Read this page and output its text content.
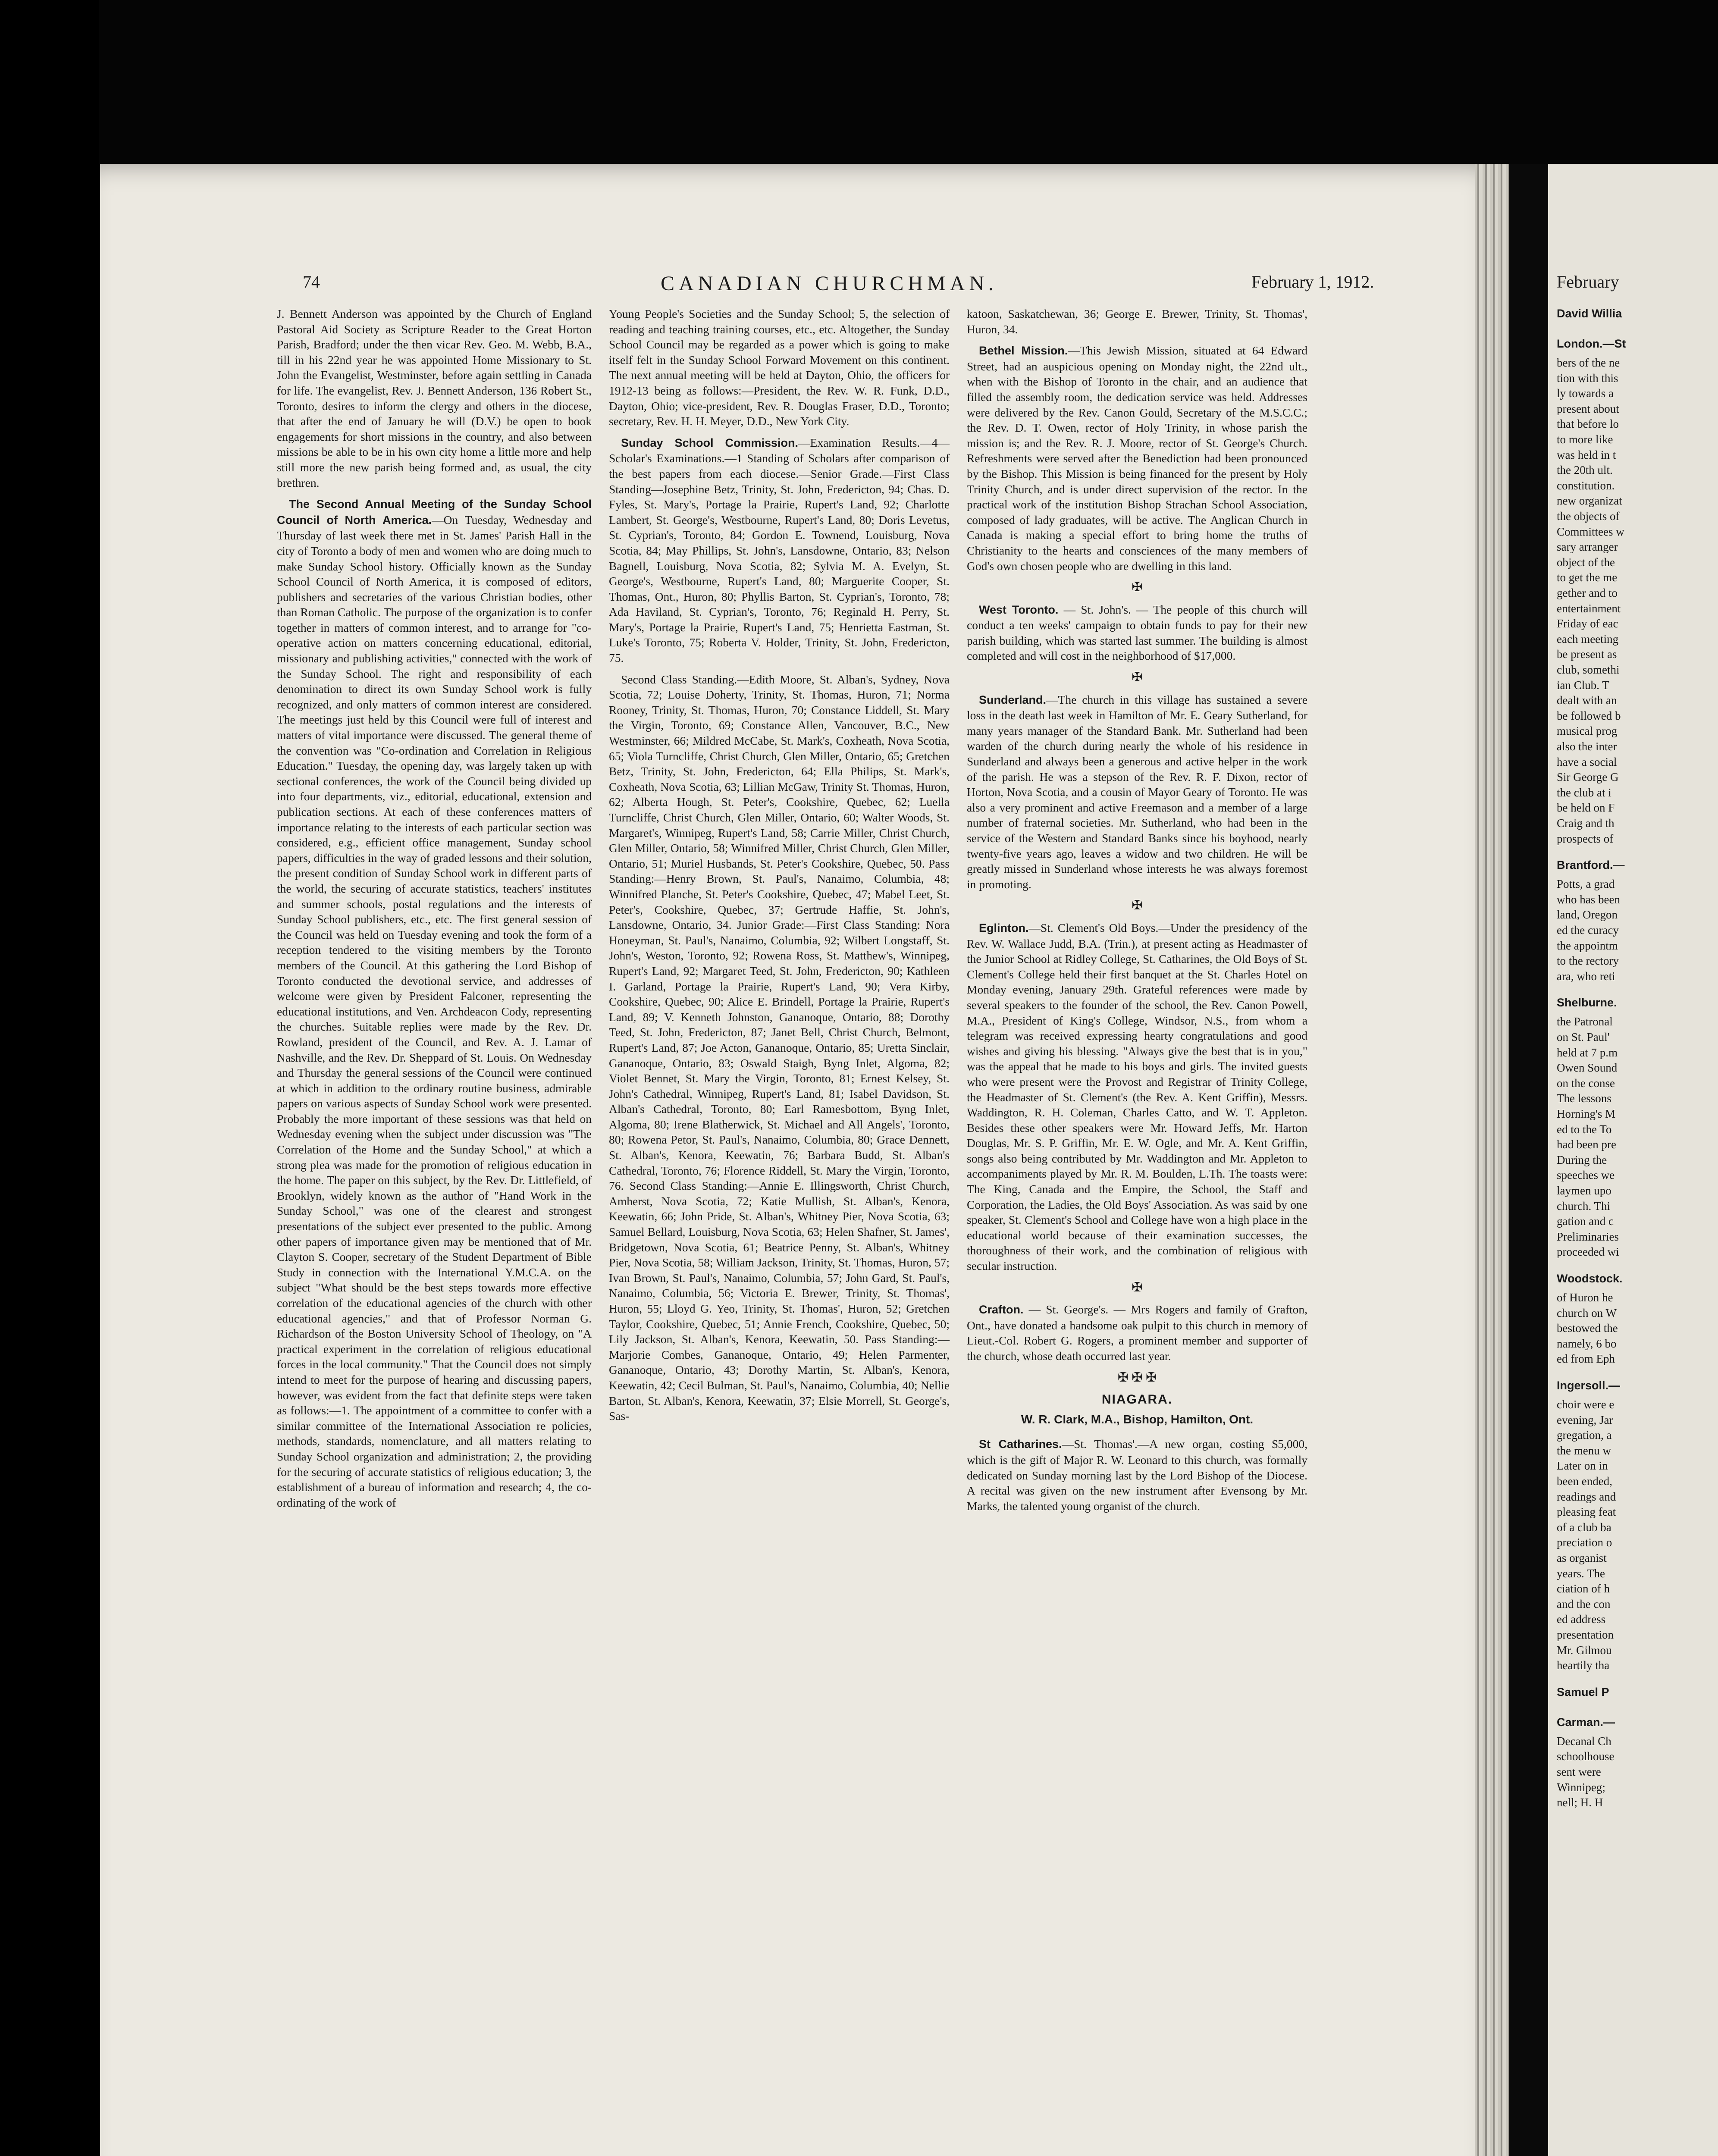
74	CANADIAN CHURCHMAN.	February 1, 1912.

J. Bennett Anderson was appointed by the Church of England Pastoral Aid Society as Scripture Reader to the Great Horton Parish, Bradford; under the then vicar Rev. Geo. M. Webb, B.A., till in his 22nd year he was appointed Home Missionary to St. John the Evangelist, Westminster, before again settling in Canada for life. The evangelist, Rev. J. Bennett Anderson, 136 Robert St., Toronto, desires to inform the clergy and others in the diocese, that after the end of January he will (D.V.) be open to book engagements for short missions in the country, and also between missions be able to be in his own city home a little more and help still more the new parish being formed and, as usual, the city brethren.

The Second Annual Meeting of the Sunday School Council of North America.—On Tuesday, Wednesday and Thursday of last week there met in St. James' Parish Hall in the city of Toronto a body of men and women who are doing much to make Sunday School history. Officially known as the Sunday School Council of North America, it is composed of editors, publishers and secretaries of the various Christian bodies, other than Roman Catholic. The purpose of the organization is to confer together in matters of common interest, and to arrange for "co-operative action on matters concerning educational, editorial, missionary and publishing activities," connected with the work of the Sunday School. The right and responsibility of each denomination to direct its own Sunday School work is fully recognized, and only matters of common interest are considered. The meetings just held by this Council were full of interest and matters of vital importance were discussed. The general theme of the convention was "Co-ordination and Correlation in Religious Education." Tuesday, the opening day, was largely taken up with sectional conferences, the work of the Council being divided up into four departments, viz., editorial, educational, extension and publication sections. At each of these conferences matters of importance relating to the interests of each particular section was considered, e.g., efficient office management, Sunday school papers, difficulties in the way of graded lessons and their solution, the present condition of Sunday School work in different parts of the world, the securing of accurate statistics, teachers' institutes and summer schools, postal regulations and the interests of Sunday School publishers, etc., etc. The first general session of the Council was held on Tuesday evening and took the form of a reception tendered to the visiting members by the Toronto members of the Council. At this gathering the Lord Bishop of Toronto conducted the devotional service, and addresses of welcome were given by President Falconer, representing the educational institutions, and Ven. Archdeacon Cody, representing the churches. Suitable replies were made by the Rev. Dr. Rowland, president of the Council, and Rev. A. J. Lamar of Nashville, and the Rev. Dr. Sheppard of St. Louis. On Wednesday and Thursday the general sessions of the Council were continued at which in addition to the ordinary routine business, admirable papers on various aspects of Sunday School work were presented. Probably the more important of these sessions was that held on Wednesday evening when the subject under discussion was "The Correlation of the Home and the Sunday School," at which a strong plea was made for the promotion of religious education in the home. The paper on this subject, by the Rev. Dr. Littlefield, of Brooklyn, widely known as the author of "Hand Work in the Sunday School," was one of the clearest and strongest presentations of the subject ever presented to the public. Among other papers of importance given may be mentioned that of Mr. Clayton S. Cooper, secretary of the Student Department of Bible Study in connection with the International Y.M.C.A. on the subject "What should be the best steps towards more effective correlation of the educational agencies of the church with other educational agencies," and that of Professor Norman G. Richardson of the Boston University School of Theology, on "A practical experiment in the correlation of religious educational forces in the local community." That the Council does not simply intend to meet for the purpose of hearing and discussing papers, however, was evident from the fact that definite steps were taken as follows:—1. The appointment of a committee to confer with a similar committee of the International Association re policies, methods, standards, nomenclature, and all matters relating to Sunday School organization and administration; 2, the providing for the securing of accurate statistics of religious education; 3, the establishment of a bureau of information and research; 4, the co-ordinating of the work of

Young People's Societies and the Sunday School; 5, the selection of reading and teaching training courses, etc., etc. Altogether, the Sunday School Council may be regarded as a power which is going to make itself felt in the Sunday School Forward Movement on this continent. The next annual meeting will be held at Dayton, Ohio, the officers for 1912-13 being as follows:—President, the Rev. W. R. Funk, D.D., Dayton, Ohio; vice-president, Rev. R. Douglas Fraser, D.D., Toronto; secretary, Rev. H. H. Meyer, D.D., New York City.

Sunday School Commission.—Examination Results.—4—Scholar's Examinations.—1 Standing of Scholars after comparison of the best papers from each diocese.—Senior Grade.—First Class Standing—Josephine Betz, Trinity, St. John, Fredericton, 94; Chas. D. Fyles, St. Mary's, Portage la Prairie, Rupert's Land, 92; Charlotte Lambert, St. George's, Westbourne, Rupert's Land, 80; Doris Levetus, St. Cyprian's, Toronto, 84; Gordon E. Townend, Louisburg, Nova Scotia, 84; May Phillips, St. John's, Lansdowne, Ontario, 83; Nelson Bagnell, Louisburg, Nova Scotia, 82; Sylvia M. A. Evelyn, St. George's, Westbourne, Rupert's Land, 80; Marguerite Cooper, St. Thomas, Ont., Huron, 80; Phyllis Barton, St. Cyprian's, Toronto, 78; Ada Haviland, St. Cyprian's, Toronto, 76; Reginald H. Perry, St. Mary's, Portage la Prairie, Rupert's Land, 75; Henrietta Eastman, St. Luke's Toronto, 75; Roberta V. Holder, Trinity, St. John, Fredericton, 75.

Second Class Standing.—Edith Moore, St. Alban's, Sydney, Nova Scotia, 72; Louise Doherty, Trinity, St. Thomas, Huron, 71; Norma Rooney, Trinity, St. Thomas, Huron, 70; Constance Liddell, St. Mary the Virgin, Toronto, 69; Constance Allen, Vancouver, B.C., New Westminster, 66; Mildred McCabe, St. Mark's, Coxheath, Nova Scotia, 65; Viola Turncliffe, Christ Church, Glen Miller, Ontario, 65; Gretchen Betz, Trinity, St. John, Fredericton, 64; Ella Philips, St. Mark's, Coxheath, Nova Scotia, 63; Lillian McGaw, Trinity St. Thomas, Huron, 62; Alberta Hough, St. Peter's, Cookshire, Quebec, 62; Luella Turncliffe, Christ Church, Glen Miller, Ontario, 60; Walter Woods, St. Margaret's, Winnipeg, Rupert's Land, 58; Carrie Miller, Christ Church, Glen Miller, Ontario, 58; Winnifred Miller, Christ Church, Glen Miller, Ontario, 51; Muriel Husbands, St. Peter's Cookshire, Quebec, 50. Pass Standing:—Henry Brown, St. Paul's, Nanaimo, Columbia, 48; Winnifred Planche, St. Peter's Cookshire, Quebec, 47; Mabel Leet, St. Peter's, Cookshire, Quebec, 37; Gertrude Haffie, St. John's, Lansdowne, Ontario, 34. Junior Grade:—First Class Standing: Nora Honeyman, St. Paul's, Nanaimo, Columbia, 92; Wilbert Longstaff, St. John's, Weston, Toronto, 92; Rowena Ross, St. Matthew's, Winnipeg, Rupert's Land, 92; Margaret Teed, St. John, Fredericton, 90; Kathleen I. Garland, Portage la Prairie, Rupert's Land, 90; Vera Kirby, Cookshire, Quebec, 90; Alice E. Brindell, Portage la Prairie, Rupert's Land, 89; V. Kenneth Johnston, Gananoque, Ontario, 88; Dorothy Teed, St. John, Fredericton, 87; Janet Bell, Christ Church, Belmont, Rupert's Land, 87; Joe Acton, Gananoque, Ontario, 85; Uretta Sinclair, Gananoque, Ontario, 83; Oswald Staigh, Byng Inlet, Algoma, 82; Violet Bennet, St. Mary the Virgin, Toronto, 81; Ernest Kelsey, St. John's Cathedral, Winnipeg, Rupert's Land, 81; Isabel Davidson, St. Alban's Cathedral, Toronto, 80; Earl Ramesbottom, Byng Inlet, Algoma, 80; Irene Blatherwick, St. Michael and All Angels', Toronto, 80; Rowena Petor, St. Paul's, Nanaimo, Columbia, 80; Grace Dennett, St. Alban's, Kenora, Keewatin, 76; Barbara Budd, St. Alban's Cathedral, Toronto, 76; Florence Riddell, St. Mary the Virgin, Toronto, 76. Second Class Standing:—Annie E. Illingsworth, Christ Church, Amherst, Nova Scotia, 72; Katie Mullish, St. Alban's, Kenora, Keewatin, 66; John Pride, St. Alban's, Whitney Pier, Nova Scotia, 63; Samuel Bellard, Louisburg, Nova Scotia, 63; Helen Shafner, St. James', Bridgetown, Nova Scotia, 61; Beatrice Penny, St. Alban's, Whitney Pier, Nova Scotia, 58; William Jackson, Trinity, St. Thomas, Huron, 57; Ivan Brown, St. Paul's, Nanaimo, Columbia, 57; John Gard, St. Paul's, Nanaimo, Columbia, 56; Victoria E. Brewer, Trinity, St. Thomas', Huron, 55; Lloyd G. Yeo, Trinity, St. Thomas', Huron, 52; Gretchen Taylor, Cookshire, Quebec, 51; Annie French, Cookshire, Quebec, 50; Lily Jackson, St. Alban's, Kenora, Keewatin, 50. Pass Standing:—Marjorie Combes, Gananoque, Ontario, 49; Helen Parmenter, Gananoque, Ontario, 43; Dorothy Martin, St. Alban's, Kenora, Keewatin, 42; Cecil Bulman, St. Paul's, Nanaimo, Columbia, 40; Nellie Barton, St. Alban's, Kenora, Keewatin, 37; Elsie Morrell, St. George's, Sas-

katoon, Saskatchewan, 36; George E. Brewer, Trinity, St. Thomas', Huron, 34.

Bethel Mission.—This Jewish Mission, situated at 64 Edward Street, had an auspicious opening on Monday night, the 22nd ult., when with the Bishop of Toronto in the chair, and an audience that filled the assembly room, the dedication service was held. Addresses were delivered by the Rev. Canon Gould, Secretary of the M.S.C.C.; the Rev. D. T. Owen, rector of Holy Trinity, in whose parish the mission is; and the Rev. R. J. Moore, rector of St. George's Church. Refreshments were served after the Benediction had been pronounced by the Bishop. This Mission is being financed for the present by Holy Trinity Church, and is under direct supervision of the rector. In the practical work of the institution Bishop Strachan School Association, composed of lady graduates, will be active. The Anglican Church in Canada is making a special effort to bring home the truths of Christianity to the hearts and consciences of the many members of God's own chosen people who are dwelling in this land.

✠

West Toronto. — St. John's. — The people of this church will conduct a ten weeks' campaign to obtain funds to pay for their new parish building, which was started last summer. The building is almost completed and will cost in the neighborhood of $17,000.

✠

Sunderland.—The church in this village has sustained a severe loss in the death last week in Hamilton of Mr. E. Geary Sutherland, for many years manager of the Standard Bank. Mr. Sutherland had been warden of the church during nearly the whole of his residence in Sunderland and always been a generous and active helper in the work of the parish. He was a stepson of the Rev. R. F. Dixon, rector of Horton, Nova Scotia, and a cousin of Mayor Geary of Toronto. He was also a very prominent and active Freemason and a member of a large number of fraternal societies. Mr. Sutherland, who had been in the service of the Western and Standard Banks since his boyhood, nearly twenty-five years ago, leaves a widow and two children. He will be greatly missed in Sunderland whose interests he was always foremost in promoting.

✠

Eglinton.—St. Clement's Old Boys.—Under the presidency of the Rev. W. Wallace Judd, B.A. (Trin.), at present acting as Headmaster of the Junior School at Ridley College, St. Catharines, the Old Boys of St. Clement's College held their first banquet at the St. Charles Hotel on Monday evening, January 29th. Grateful references were made by several speakers to the founder of the school, the Rev. Canon Powell, M.A., President of King's College, Windsor, N.S., from whom a telegram was received expressing hearty congratulations and good wishes and giving his blessing. "Always give the best that is in you," was the appeal that he made to his boys and girls. The invited guests who were present were the Provost and Registrar of Trinity College, the Headmaster of St. Clement's (the Rev. A. Kent Griffin), Messrs. Waddington, R. H. Coleman, Charles Catto, and W. T. Appleton. Besides these other speakers were Mr. Howard Jeffs, Mr. Harton Douglas, Mr. S. P. Griffin, Mr. E. W. Ogle, and Mr. A. Kent Griffin, songs also being contributed by Mr. Waddington and Mr. Appleton to accompaniments played by Mr. R. M. Boulden, L.Th. The toasts were: The King, Canada and the Empire, the School, the Staff and Corporation, the Ladies, the Old Boys' Association. As was said by one speaker, St. Clement's School and College have won a high place in the educational world because of their examination successes, the thoroughness of their work, and the combination of religious with secular instruction.

✠

Crafton. — St. George's. — Mrs Rogers and family of Grafton, Ont., have donated a handsome oak pulpit to this church in memory of Lieut.-Col. Robert G. Rogers, a prominent member and supporter of the church, whose death occurred last year.

✠ ✠ ✠
NIAGARA.
W. R. Clark, M.A., Bishop, Hamilton, Ont.

St Catharines.—St. Thomas'.—A new organ, costing $5,000, which is the gift of Major R. W. Leonard to this church, was formally dedicated on Sunday morning last by the Lord Bishop of the Diocese. A recital was given on the new instrument after Evensong by Mr. Marks, the talented young organist of the church.

February
David Willia
London.—St
bers of the ne
tion with this
ly towards a
present about
that before lo
to more like
was held in t
the 20th ult.
constitution.
new organizat
the objects of
Committees w
sary arranger
object of the
to get the me
gether and to
entertainment
Friday of eac
each meeting
be present as
club, somethi
ian Club. T
dealt with an
be followed b
musical prog
also the inter
have a social
Sir George G
the club at i
be held on F
Craig and th
prospects of
Brantford.—
Potts, a grad
who has been
land, Oregon
ed the curacy
the appointm
to the rectory
ara, who reti
Shelburne.
the Patronal
on St. Paul'
held at 7 p.m
Owen Sound
on the conse
The lessons
Horning's M
ed to the To
had been pre
During the
speeches we
laymen upo
church. Thi
gation and c
Preliminaries
proceeded wi
Woodstock.
of Huron he
church on W
bestowed the
namely, 6 bo
ed from Eph
Ingersoll.—
choir were e
evening, Jar
gregation, a
the menu w
Later on in
been ended,
readings and
pleasing feat
of a club ba
preciation o
as organist
years. The
ciation of h
and the con
ed address
presentation
Mr. Gilmou
heartily tha
Samuel P
Carman.—
Decanal Ch
schoolhouse
sent were
Winnipeg;
nell; H. H
